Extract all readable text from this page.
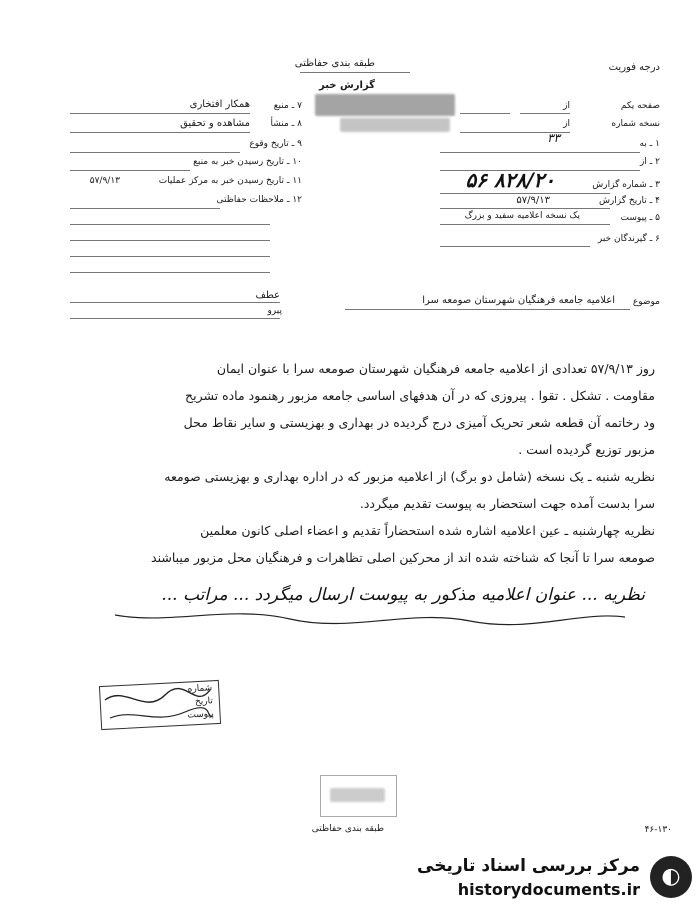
درجه فوریت
طبقه بندی حفاظتی
گزارش خبر
صفحه یکم
از
نسخه شماره
از
۳۳	۱ ـ به
۲ ـ از
۳ ـ شماره گزارش
۸۲۸/۲۰ ۵۶
۴ ـ تاریخ گزارش
۵۷/۹/۱۳
۵ ـ پیوست
یک نسخه اعلامیه سفید و بزرگ
۶ ـ گیرندگان خبر
۷ ـ منبع
همکار افتخاری
۸ ـ منشأ
مشاهده و تحقیق
۹ ـ تاریخ وقوع
۱۰ ـ تاریخ رسیدن خبر به منبع
۱۱ ـ تاریخ رسیدن خبر به مرکز عملیات
۵۷/۹/۱۳
۱۲ ـ ملاحظات حفاظتی
عطف
پیرو
موضوع
اعلامیه جامعه فرهنگیان شهرستان صومعه سرا
روز ۵۷/۹/۱۳ تعدادی از اعلامیه جامعه فرهنگیان شهرستان صومعه سرا با عنوان ایمان
مقاومت . تشکل . تقوا . پیروزی که در آن هدفهای اساسی جامعه مزبور رهنمود ماده تشریح
ود رخاتمه آن قطعه شعر تحریک آمیزی درج گردیده در بهداری و بهزیستی و سایر نقاط محل
مزبور توزیع گردیده است .
نظریه شنبه ـ یک نسخه (شامل دو برگ) از اعلامیه مزبور که در اداره بهداری و بهزیستی صومعه
سرا بدست آمده جهت استحضار به پیوست تقدیم میگردد.
نظریه چهارشنبه ـ عین اعلامیه اشاره شده استحضاراً تقدیم و اعضاء اصلی کانون معلمین
صومعه سرا تا آنجا که شناخته شده اند از محرکین اصلی تظاهرات و فرهنگیان محل مزبور میباشند
نظریه ... عنوان اعلامیه مذکور به پیوست ارسال میگردد ... مراتب ...
شماره
تاریخ
پیوست
طبقه بندی حفاظتی	۴۶-۱۳۰
◐
مرکز بررسی اسناد تاریخی
historydocuments.ir
